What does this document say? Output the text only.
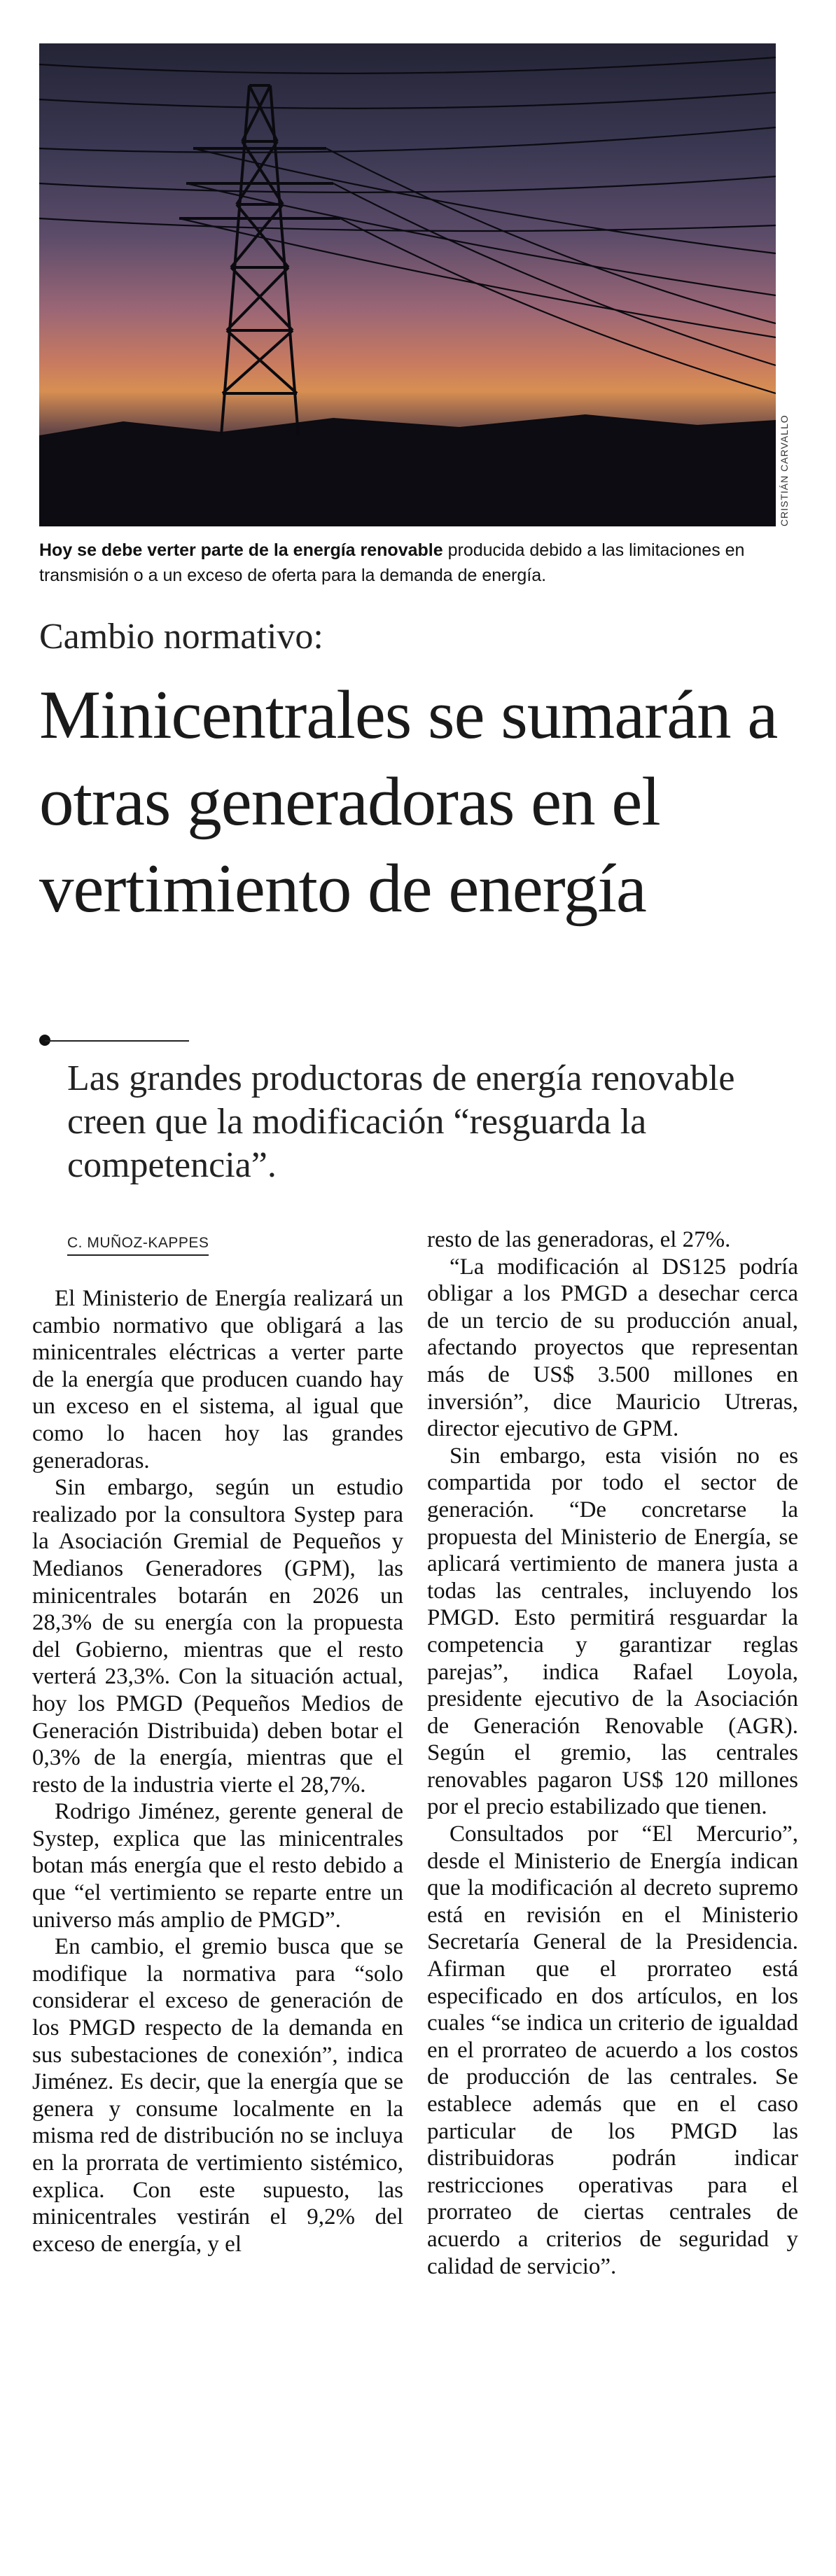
CRISTIÁN CARVALLO
Hoy se debe verter parte de la energía renovable producida debido a las limitaciones en transmisión o a un exceso de oferta para la demanda de energía.
Cambio normativo:
Minicentrales se sumarán a otras generadoras en el vertimiento de energía
Las grandes productoras de energía renovable creen que la modificación “resguarda la competencia”.
C. MUÑOZ-KAPPES

El Ministerio de Energía realizará un cambio normativo que obligará a las minicentrales eléctricas a verter parte de la energía que producen cuando hay un exceso en el sistema, al igual que como lo hacen hoy las grandes generadoras.

Sin embargo, según un estudio realizado por la consultora Systep para la Asociación Gremial de Pequeños y Medianos Generadores (GPM), las minicentrales botarán en 2026 un 28,3% de su energía con la propuesta del Gobierno, mientras que el resto verterá 23,3%. Con la situación actual, hoy los PMGD (Pequeños Medios de Generación Distribuida) deben botar el 0,3% de la energía, mientras que el resto de la industria vierte el 28,7%.

Rodrigo Jiménez, gerente general de Systep, explica que las minicentrales botan más energía que el resto debido a que “el vertimiento se reparte entre un universo más amplio de PMGD”.

En cambio, el gremio busca que se modifique la normativa para “solo considerar el exceso de generación de los PMGD respecto de la demanda en sus subestaciones de conexión”, indica Jiménez. Es decir, que la energía que se genera y consume localmente en la misma red de distribución no se incluya en la prorrata de vertimiento sistémico, explica. Con este supuesto, las minicentrales vestirán el 9,2% del exceso de energía, y el

resto de las generadoras, el 27%.

“La modificación al DS125 podría obligar a los PMGD a desechar cerca de un tercio de su producción anual, afectando proyectos que representan más de US$ 3.500 millones en inversión”, dice Mauricio Utreras, director ejecutivo de GPM.

Sin embargo, esta visión no es compartida por todo el sector de generación. “De concretarse la propuesta del Ministerio de Energía, se aplicará vertimiento de manera justa a todas las centrales, incluyendo los PMGD. Esto permitirá resguardar la competencia y garantizar reglas parejas”, indica Rafael Loyola, presidente ejecutivo de la Asociación de Generación Renovable (AGR). Según el gremio, las centrales renovables pagaron US$ 120 millones por el precio estabilizado que tienen.

Consultados por “El Mercurio”, desde el Ministerio de Energía indican que la modificación al decreto supremo está en revisión en el Ministerio Secretaría General de la Presidencia. Afirman que el prorrateo está especificado en dos artículos, en los cuales “se indica un criterio de igualdad en el prorrateo de acuerdo a los costos de producción de las centrales. Se establece además que en el caso particular de los PMGD las distribuidoras podrán indicar restricciones operativas para el prorrateo de ciertas centrales de acuerdo a criterios de seguridad y calidad de servicio”.
